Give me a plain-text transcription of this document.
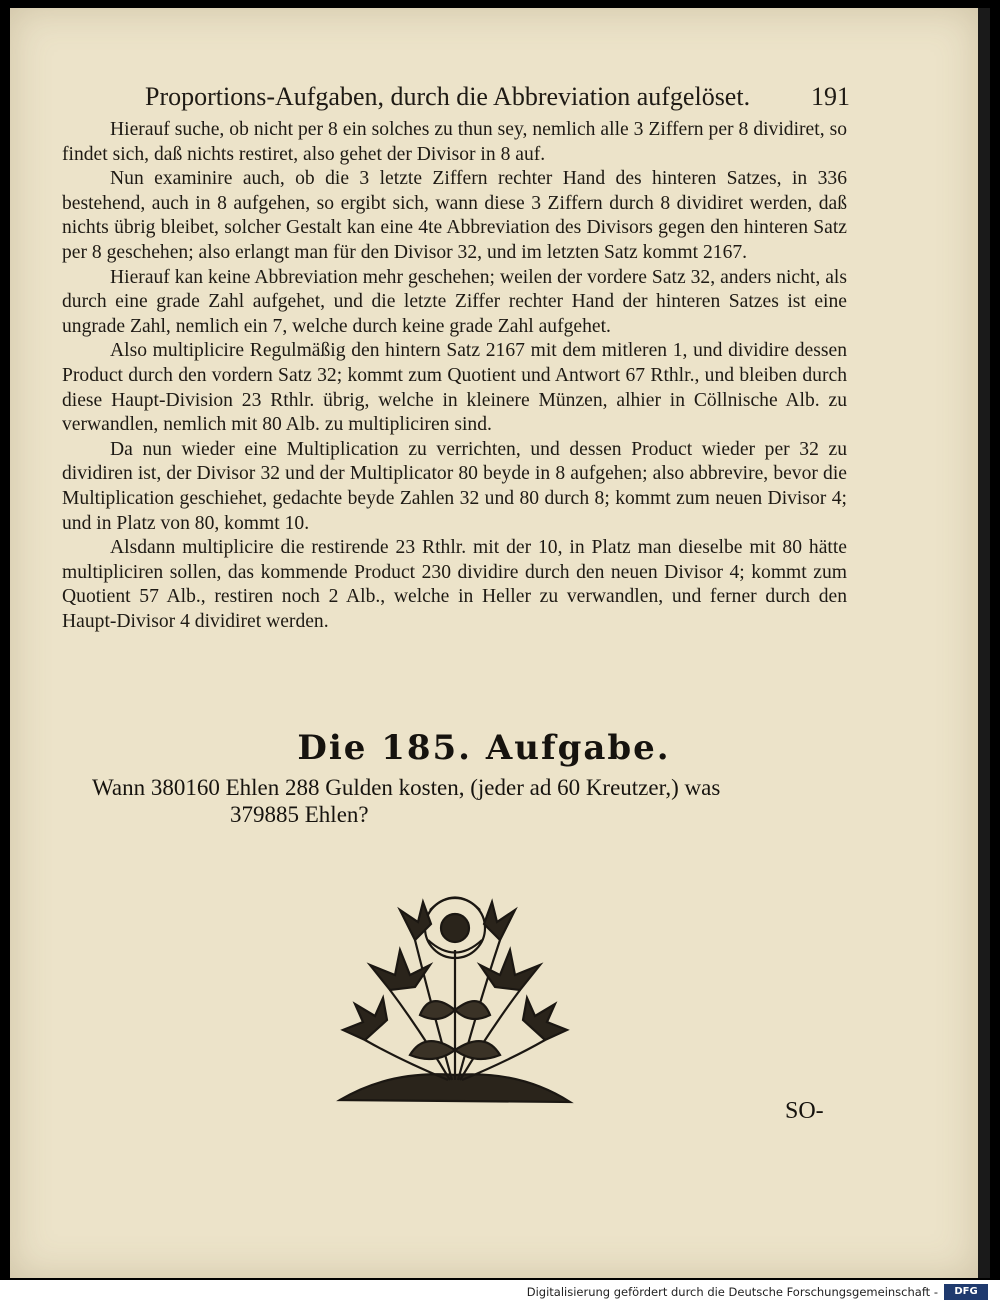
Proportions-Aufgaben, durch die Abbreviation aufgelöset. 191

Hierauf suche, ob nicht per 8 ein solches zu thun sey, nemlich alle 3 Ziffern per 8 dividiret, so findet sich, daß nichts restiret, also gehet der Divisor in 8 auf.

Nun examinire auch, ob die 3 letzte Ziffern rechter Hand des hinteren Satzes, in 336 bestehend, auch in 8 aufgehen, so ergibt sich, wann diese 3 Ziffern durch 8 dividiret werden, daß nichts übrig bleibet, solcher Gestalt kan eine 4te Abbreviation des Divisors gegen den hinteren Satz per 8 geschehen; also erlangt man für den Divisor 32, und im letzten Satz kommt 2167.

Hierauf kan keine Abbreviation mehr geschehen; weilen der vordere Satz 32, anders nicht, als durch eine grade Zahl aufgehet, und die letzte Ziffer rechter Hand der hinteren Satzes ist eine ungrade Zahl, nemlich ein 7, welche durch keine grade Zahl aufgehet.

Also multiplicire Regulmäßig den hintern Satz 2167 mit dem mitleren 1, und dividire dessen Product durch den vordern Satz 32; kommt zum Quotient und Antwort 67 Rthlr., und bleiben durch diese Haupt-Division 23 Rthlr. übrig, welche in kleinere Münzen, alhier in Cöllnische Alb. zu verwandlen, nemlich mit 80 Alb. zu multipliciren sind.

Da nun wieder eine Multiplication zu verrichten, und dessen Product wieder per 32 zu dividiren ist, der Divisor 32 und der Multiplicator 80 beyde in 8 aufgehen; also abbrevire, bevor die Multiplication geschiehet, gedachte beyde Zahlen 32 und 80 durch 8; kommt zum neuen Divisor 4; und in Platz von 80, kommt 10.

Alsdann multiplicire die restirende 23 Rthlr. mit der 10, in Platz man dieselbe mit 80 hätte multipliciren sollen, das kommende Product 230 dividire durch den neuen Divisor 4; kommt zum Quotient 57 Alb., restiren noch 2 Alb., welche in Heller zu verwandlen, und ferner durch den Haupt-Divisor 4 dividiret werden.

Die 185. Aufgabe.
Wann 380160 Ehlen 288 Gulden kosten, (jeder ad 60 Kreutzer,) was
379885 Ehlen?
SO-
Digitalisierung gefördert durch die Deutsche Forschungsgemeinschaft -	DFG
